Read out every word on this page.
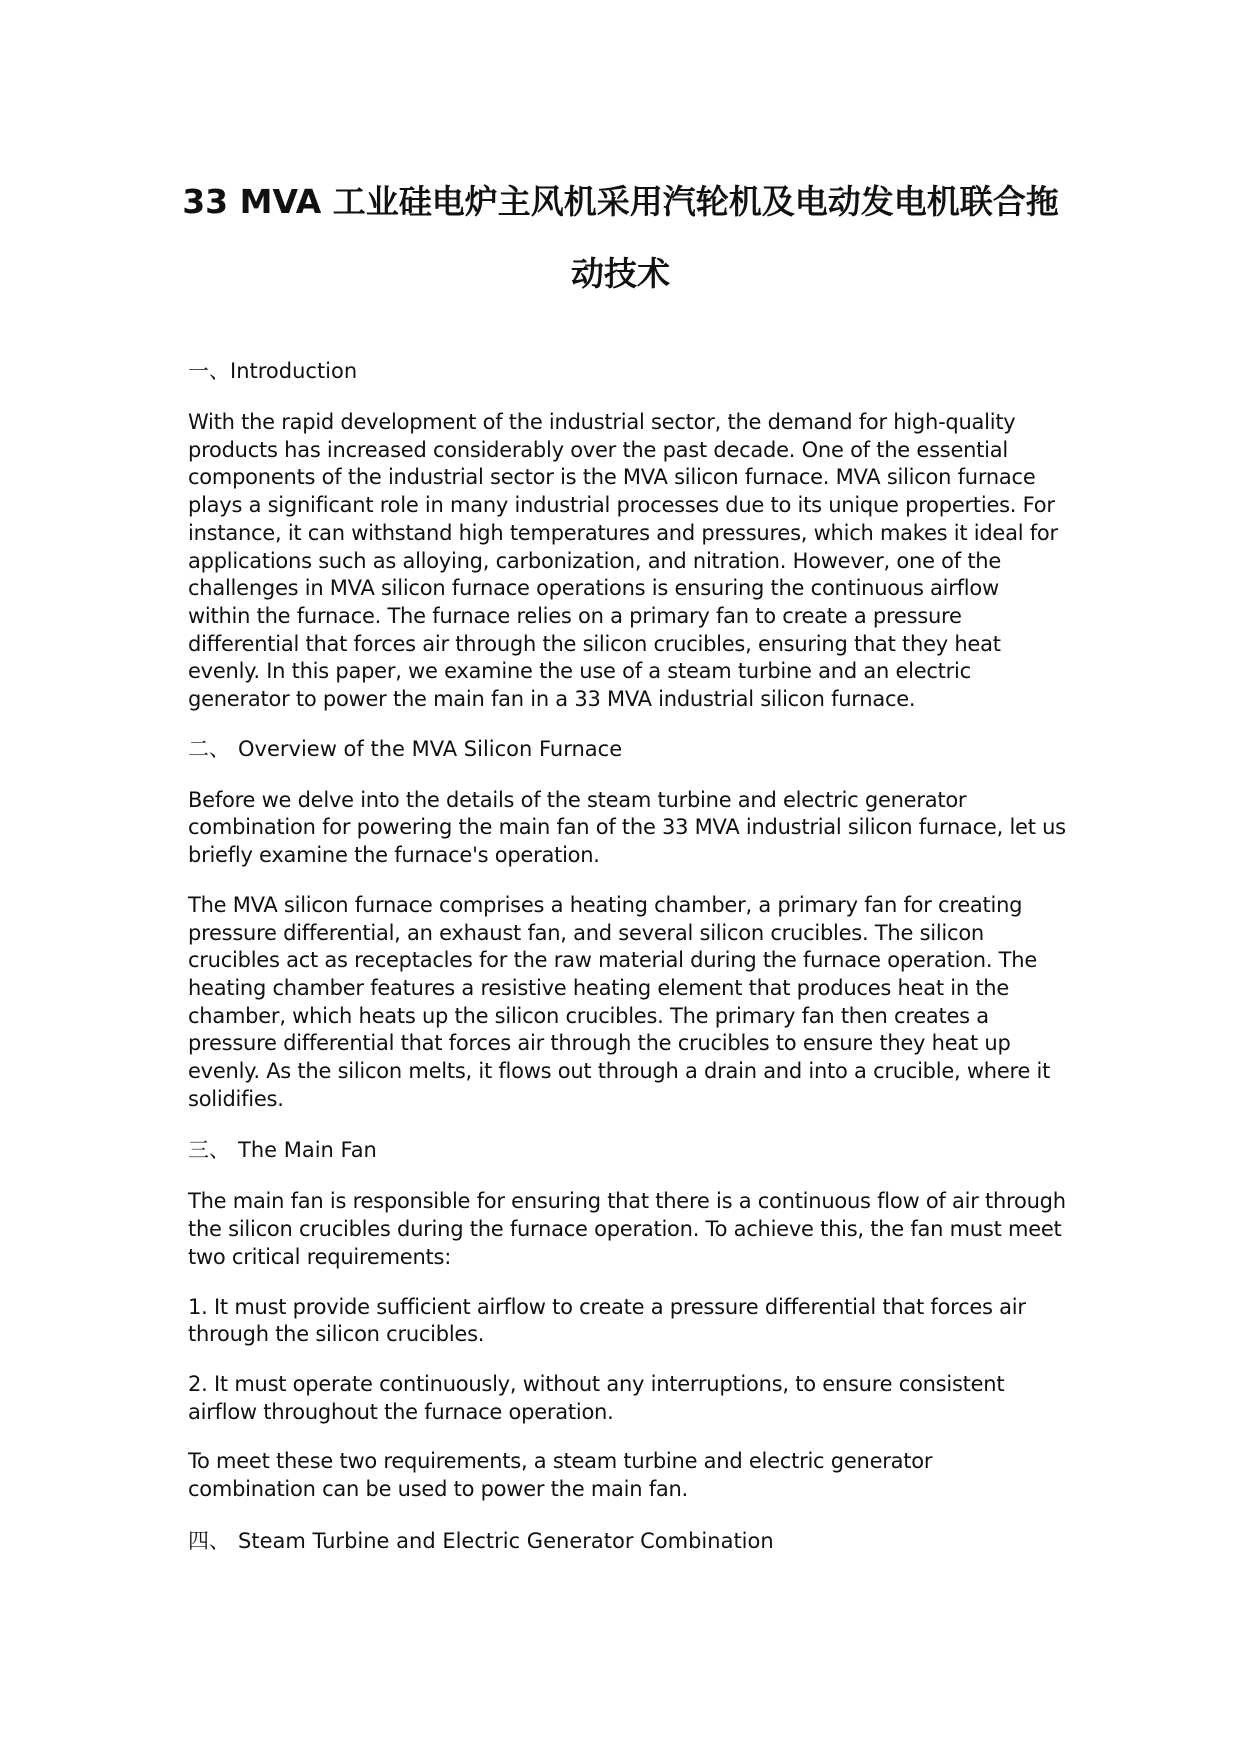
33 MVA 工业硅电炉主风机采用汽轮机及电动发电机联合拖
动技术
一、Introduction

With the rapid development of the industrial sector, the demand for high-quality products has increased considerably over the past decade. One of the essential components of the industrial sector is the MVA silicon furnace. MVA silicon furnace plays a significant role in many industrial processes due to its unique properties. For instance, it can withstand high temperatures and pressures, which makes it ideal for applications such as alloying, carbonization, and nitration. However, one of the challenges in MVA silicon furnace operations is ensuring the continuous airflow within the furnace. The furnace relies on a primary fan to create a pressure differential that forces air through the silicon crucibles, ensuring that they heat evenly. In this paper, we examine the use of a steam turbine and an electric generator to power the main fan in a 33 MVA industrial silicon furnace.

二、 Overview of the MVA Silicon Furnace

Before we delve into the details of the steam turbine and electric generator combination for powering the main fan of the 33 MVA industrial silicon furnace, let us briefly examine the furnace's operation.

The MVA silicon furnace comprises a heating chamber, a primary fan for creating pressure differential, an exhaust fan, and several silicon crucibles. The silicon crucibles act as receptacles for the raw material during the furnace operation. The heating chamber features a resistive heating element that produces heat in the chamber, which heats up the silicon crucibles. The primary fan then creates a pressure differential that forces air through the crucibles to ensure they heat up evenly. As the silicon melts, it flows out through a drain and into a crucible, where it solidifies.

三、 The Main Fan

The main fan is responsible for ensuring that there is a continuous flow of air through the silicon crucibles during the furnace operation. To achieve this, the fan must meet two critical requirements:

1. It must provide sufficient airflow to create a pressure differential that forces air through the silicon crucibles.

2. It must operate continuously, without any interruptions, to ensure consistent airflow throughout the furnace operation.

To meet these two requirements, a steam turbine and electric generator combination can be used to power the main fan.

四、 Steam Turbine and Electric Generator Combination
